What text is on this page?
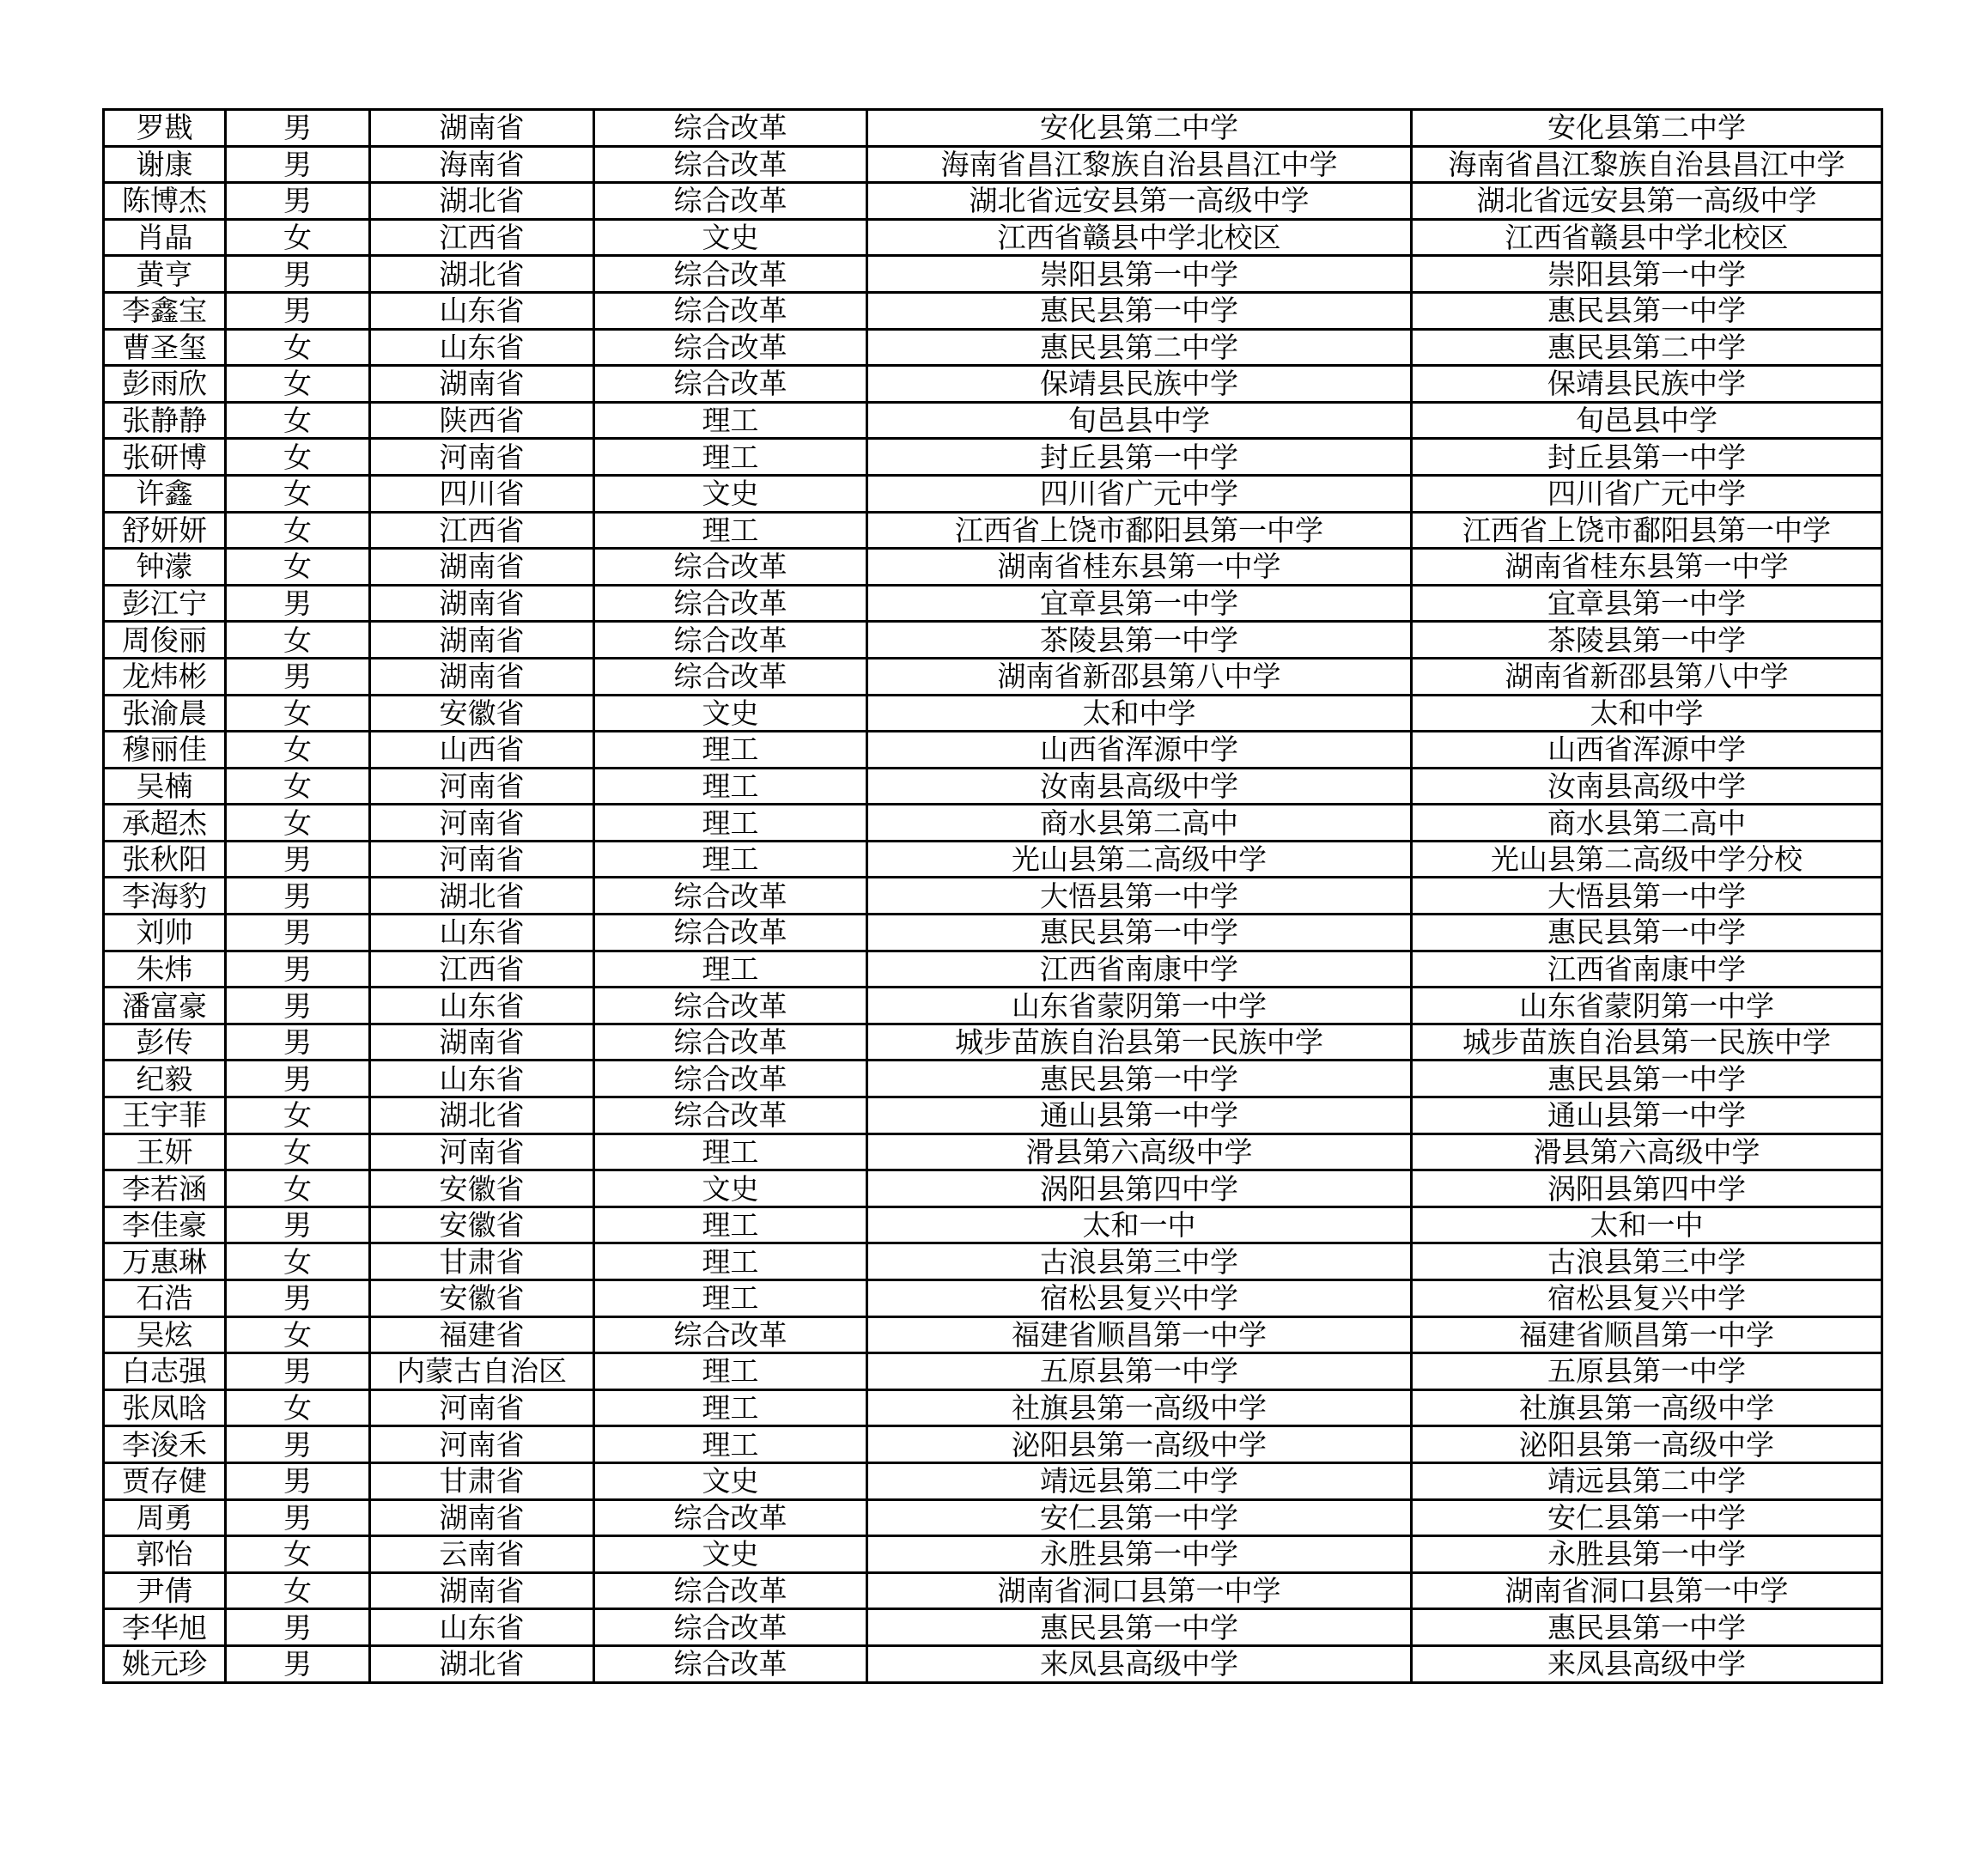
罗戡	男	湖南省	综合改革	安化县第二中学	安化县第二中学
谢康	男	海南省	综合改革	海南省昌江黎族自治县昌江中学	海南省昌江黎族自治县昌江中学
陈博杰	男	湖北省	综合改革	湖北省远安县第一高级中学	湖北省远安县第一高级中学
肖晶	女	江西省	文史	江西省赣县中学北校区	江西省赣县中学北校区
黄亨	男	湖北省	综合改革	崇阳县第一中学	崇阳县第一中学
李鑫宝	男	山东省	综合改革	惠民县第一中学	惠民县第一中学
曹圣玺	女	山东省	综合改革	惠民县第二中学	惠民县第二中学
彭雨欣	女	湖南省	综合改革	保靖县民族中学	保靖县民族中学
张静静	女	陕西省	理工	旬邑县中学	旬邑县中学
张研博	女	河南省	理工	封丘县第一中学	封丘县第一中学
许鑫	女	四川省	文史	四川省广元中学	四川省广元中学
舒妍妍	女	江西省	理工	江西省上饶市鄱阳县第一中学	江西省上饶市鄱阳县第一中学
钟濛	女	湖南省	综合改革	湖南省桂东县第一中学	湖南省桂东县第一中学
彭江宁	男	湖南省	综合改革	宜章县第一中学	宜章县第一中学
周俊丽	女	湖南省	综合改革	茶陵县第一中学	茶陵县第一中学
龙炜彬	男	湖南省	综合改革	湖南省新邵县第八中学	湖南省新邵县第八中学
张渝晨	女	安徽省	文史	太和中学	太和中学
穆丽佳	女	山西省	理工	山西省浑源中学	山西省浑源中学
吴楠	女	河南省	理工	汝南县高级中学	汝南县高级中学
承超杰	女	河南省	理工	商水县第二高中	商水县第二高中
张秋阳	男	河南省	理工	光山县第二高级中学	光山县第二高级中学分校
李海豹	男	湖北省	综合改革	大悟县第一中学	大悟县第一中学
刘帅	男	山东省	综合改革	惠民县第一中学	惠民县第一中学
朱炜	男	江西省	理工	江西省南康中学	江西省南康中学
潘富豪	男	山东省	综合改革	山东省蒙阴第一中学	山东省蒙阴第一中学
彭传	男	湖南省	综合改革	城步苗族自治县第一民族中学	城步苗族自治县第一民族中学
纪毅	男	山东省	综合改革	惠民县第一中学	惠民县第一中学
王宇菲	女	湖北省	综合改革	通山县第一中学	通山县第一中学
王妍	女	河南省	理工	滑县第六高级中学	滑县第六高级中学
李若涵	女	安徽省	文史	涡阳县第四中学	涡阳县第四中学
李佳豪	男	安徽省	理工	太和一中	太和一中
万惠琳	女	甘肃省	理工	古浪县第三中学	古浪县第三中学
石浩	男	安徽省	理工	宿松县复兴中学	宿松县复兴中学
吴炫	女	福建省	综合改革	福建省顺昌第一中学	福建省顺昌第一中学
白志强	男	内蒙古自治区	理工	五原县第一中学	五原县第一中学
张凤晗	女	河南省	理工	社旗县第一高级中学	社旗县第一高级中学
李浚禾	男	河南省	理工	泌阳县第一高级中学	泌阳县第一高级中学
贾存健	男	甘肃省	文史	靖远县第二中学	靖远县第二中学
周勇	男	湖南省	综合改革	安仁县第一中学	安仁县第一中学
郭怡	女	云南省	文史	永胜县第一中学	永胜县第一中学
尹倩	女	湖南省	综合改革	湖南省洞口县第一中学	湖南省洞口县第一中学
李华旭	男	山东省	综合改革	惠民县第一中学	惠民县第一中学
姚元珍	男	湖北省	综合改革	来凤县高级中学	来凤县高级中学
